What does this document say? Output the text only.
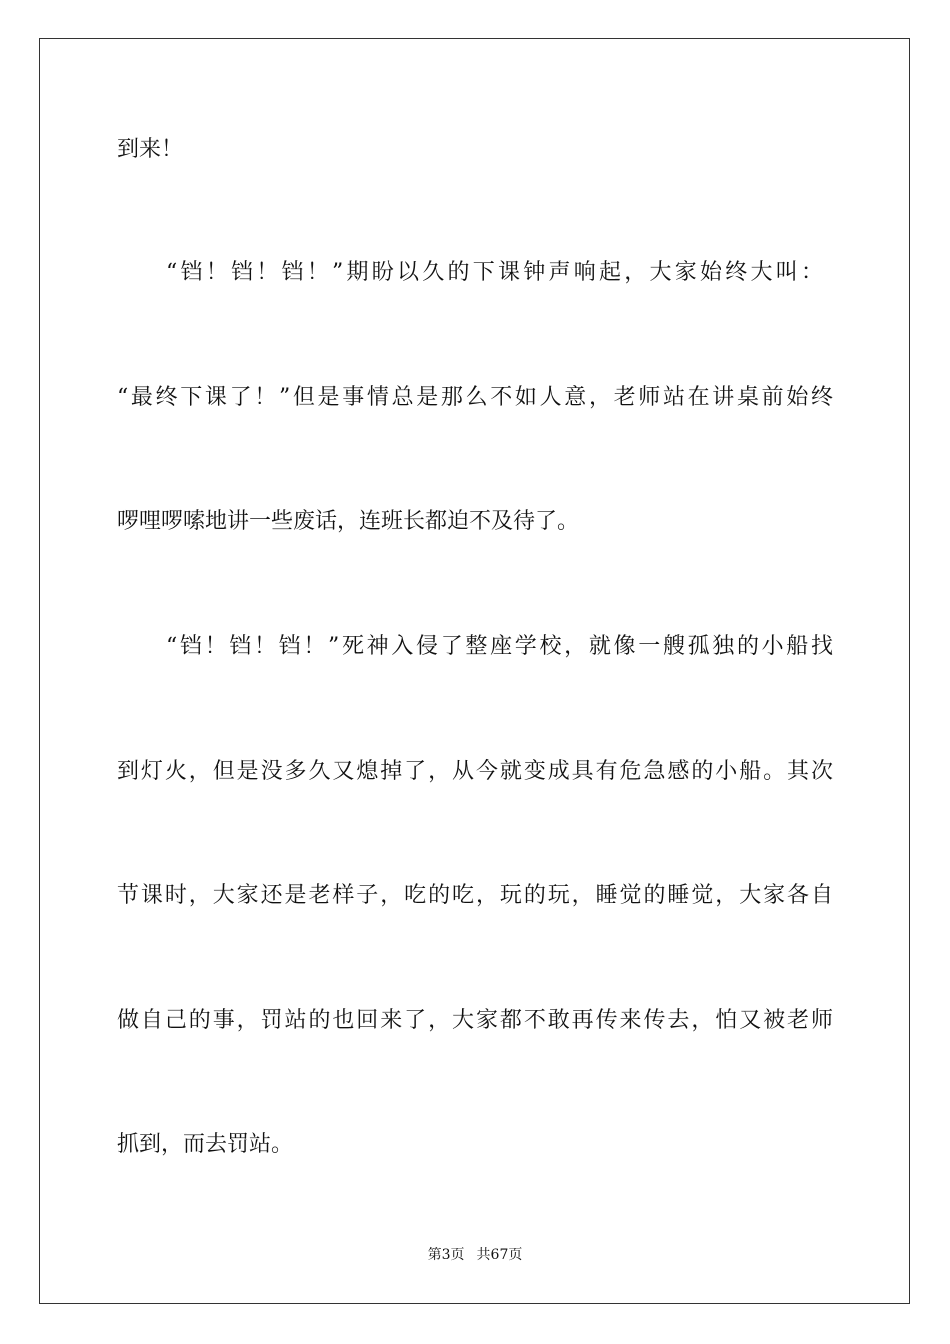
到来！
“铛！铛！铛！”期盼以久的下课钟声响起，大家始终大叫：
“最终下课了！”但是事情总是那么不如人意，老师站在讲桌前始终
啰哩啰嗦地讲一些废话，连班长都迫不及待了。
“铛！铛！铛！”死神入侵了整座学校，就像一艘孤独的小船找
到灯火，但是没多久又熄掉了，从今就变成具有危急感的小船。其次
节课时，大家还是老样子，吃的吃，玩的玩，睡觉的睡觉，大家各自
做自己的事，罚站的也回来了，大家都不敢再传来传去，怕又被老师
抓到，而去罚站。
第3页 共67页
